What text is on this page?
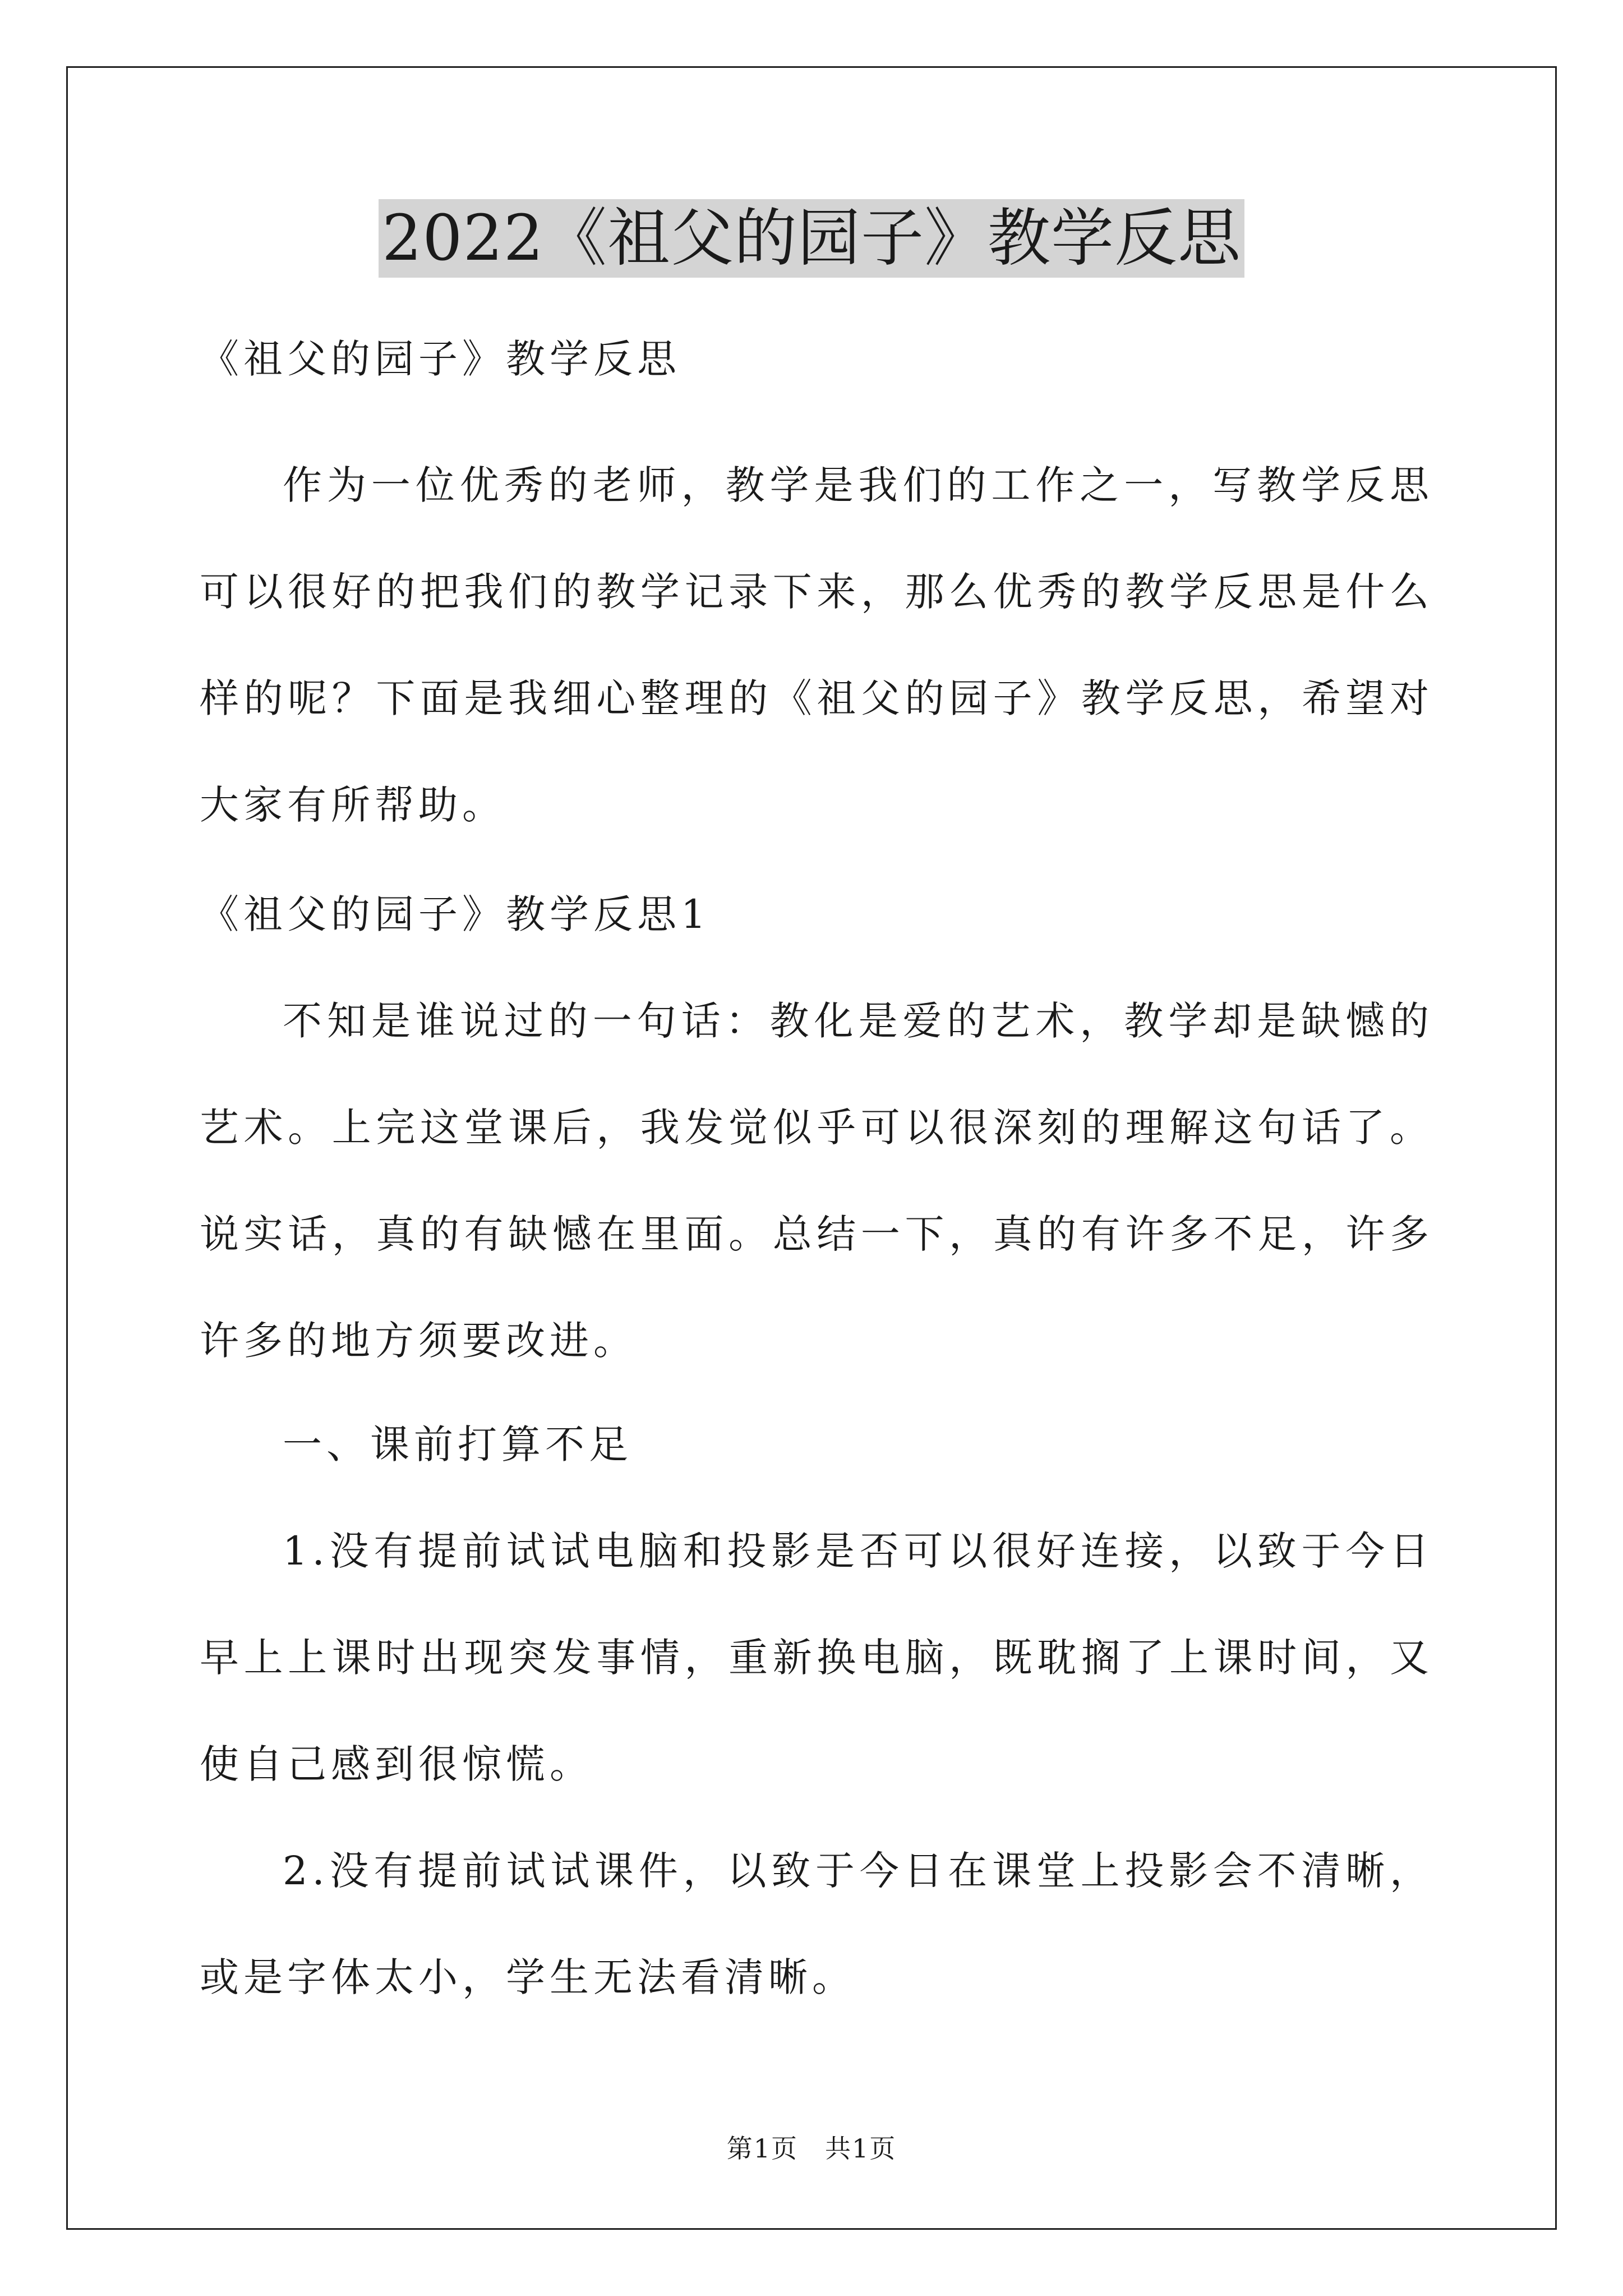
2022《祖父的园子》教学反思

《祖父的园子》教学反思

作为一位优秀的老师，教学是我们的工作之一，写教学反思可以很好的把我们的教学记录下来，那么优秀的教学反思是什么样的呢？下面是我细心整理的《祖父的园子》教学反思，希望对大家有所帮助。

《祖父的园子》教学反思1

不知是谁说过的一句话：教化是爱的艺术，教学却是缺憾的艺术。上完这堂课后，我发觉似乎可以很深刻的理解这句话了。说实话，真的有缺憾在里面。总结一下，真的有许多不足，许多许多的地方须要改进。

一、课前打算不足

1.没有提前试试电脑和投影是否可以很好连接，以致于今日早上上课时出现突发事情，重新换电脑，既耽搁了上课时间，又使自己感到很惊慌。

2.没有提前试试课件，以致于今日在课堂上投影会不清晰，或是字体太小，学生无法看清晰。

第1页　共1页
